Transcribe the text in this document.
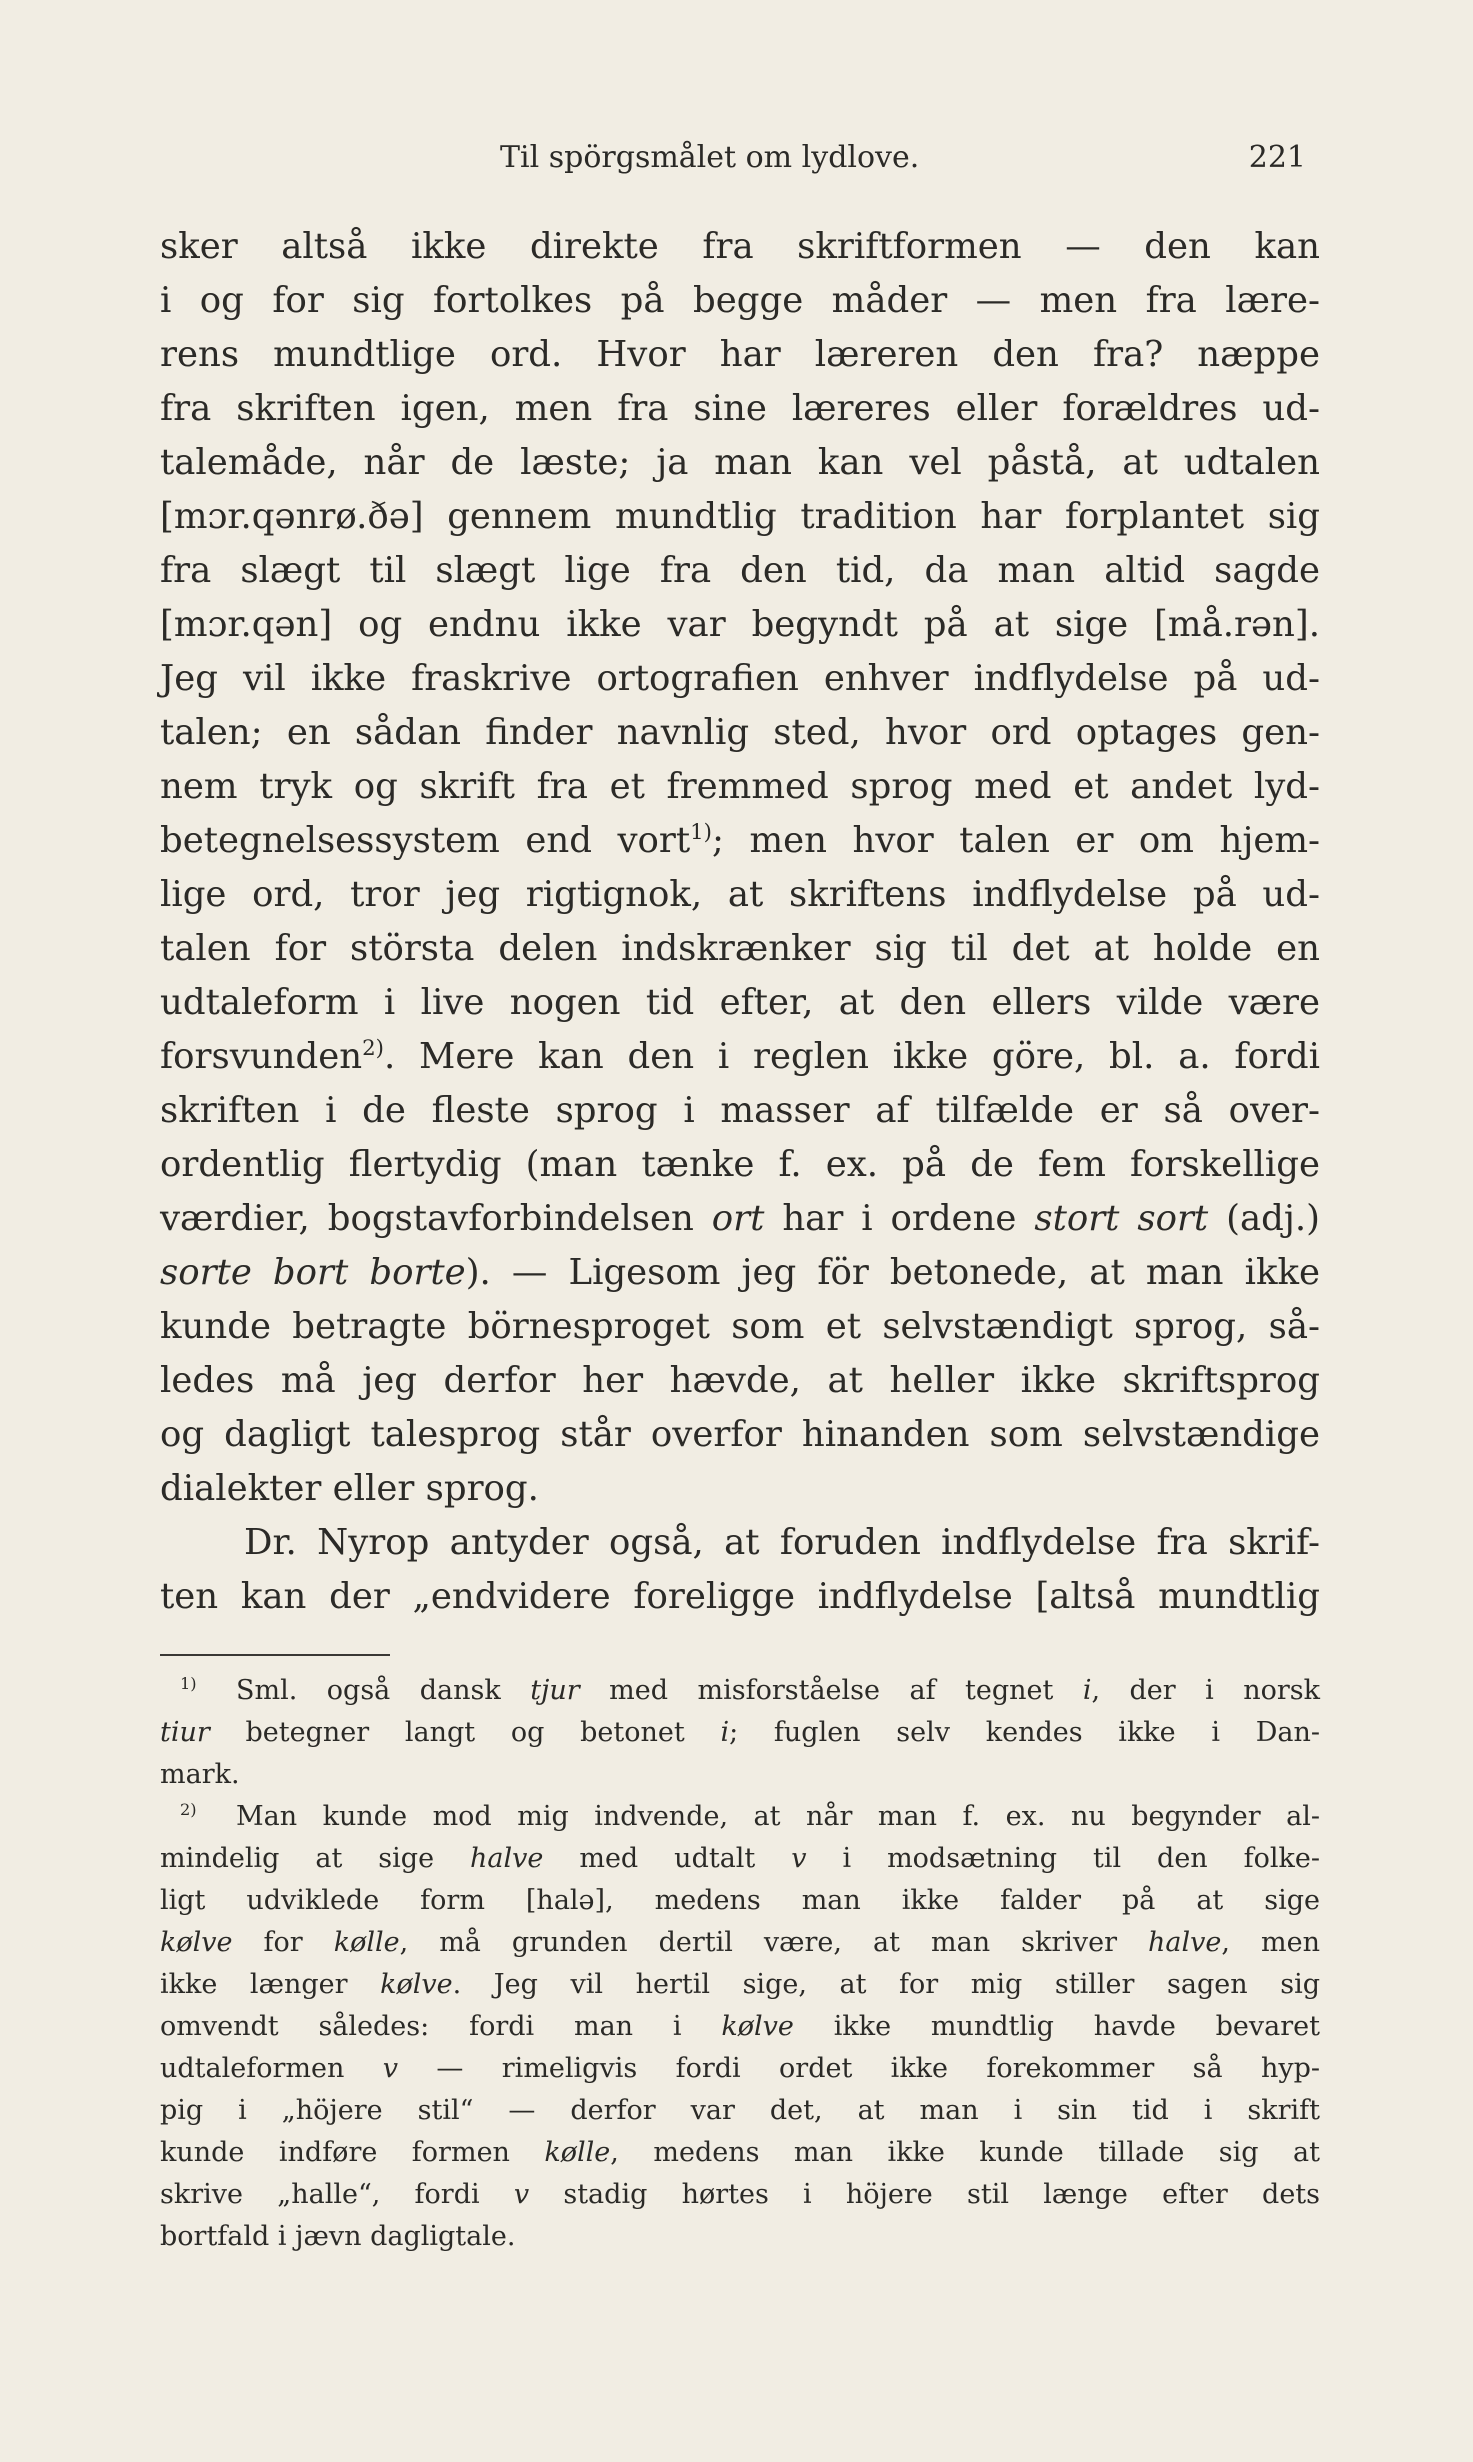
Til spörgsmålet om lydlove.	221
sker altså ikke direkte fra skriftformen — den kan
i og for sig fortolkes på begge måder — men fra lære-
rens mundtlige ord. Hvor har læreren den fra? næppe
fra skriften igen, men fra sine læreres eller forældres ud-
talemåde, når de læste; ja man kan vel påstå, at udtalen
[mɔr.qənrø.ðə] gennem mundtlig tradition har forplantet sig
fra slægt til slægt lige fra den tid, da man altid sagde
[mɔr.qən] og endnu ikke var begyndt på at sige [må.rən].
Jeg vil ikke fraskrive ortografien enhver indflydelse på ud-
talen; en sådan finder navnlig sted, hvor ord optages gen-
nem tryk og skrift fra et fremmed sprog med et andet lyd-
betegnelsessystem end vort$^{1)}$; men hvor talen er om hjem-
lige ord, tror jeg rigtignok, at skriftens indflydelse på ud-
talen for största delen indskrænker sig til det at holde en
udtaleform i live nogen tid efter, at den ellers vilde være
forsvunden$^{2)}$. Mere kan den i reglen ikke göre, bl. a. fordi
skriften i de fleste sprog i masser af tilfælde er så over-
ordentlig flertydig (man tænke f. ex. på de fem forskellige
værdier, bogstavforbindelsen ort har i ordene stort sort (adj.)
sorte bort borte). — Ligesom jeg för betonede, at man ikke
kunde betragte börnesproget som et selvstændigt sprog, så-
ledes må jeg derfor her hævde, at heller ikke skriftsprog
og dagligt talesprog står overfor hinanden som selvstændige
dialekter eller sprog.
Dr. Nyrop antyder også, at foruden indflydelse fra skrif-
ten kan der „endvidere foreligge indflydelse [altså mundtlig
$^{1)}$ Sml. også dansk tjur med misforståelse af tegnet i, der i norsk
tiur betegner langt og betonet i; fuglen selv kendes ikke i Dan-
mark.
$^{2)}$ Man kunde mod mig indvende, at når man f. ex. nu begynder al-
mindelig at sige halve med udtalt v i modsætning til den folke-
ligt udviklede form [halə], medens man ikke falder på at sige
kølve for kølle, må grunden dertil være, at man skriver halve, men
ikke længer kølve. Jeg vil hertil sige, at for mig stiller sagen sig
omvendt således: fordi man i kølve ikke mundtlig havde bevaret
udtaleformen v — rimeligvis fordi ordet ikke forekommer så hyp-
pig i „höjere stil“ — derfor var det, at man i sin tid i skrift
kunde indføre formen kølle, medens man ikke kunde tillade sig at
skrive „halle“, fordi v stadig hørtes i höjere stil længe efter dets
bortfald i jævn dagligtale.
